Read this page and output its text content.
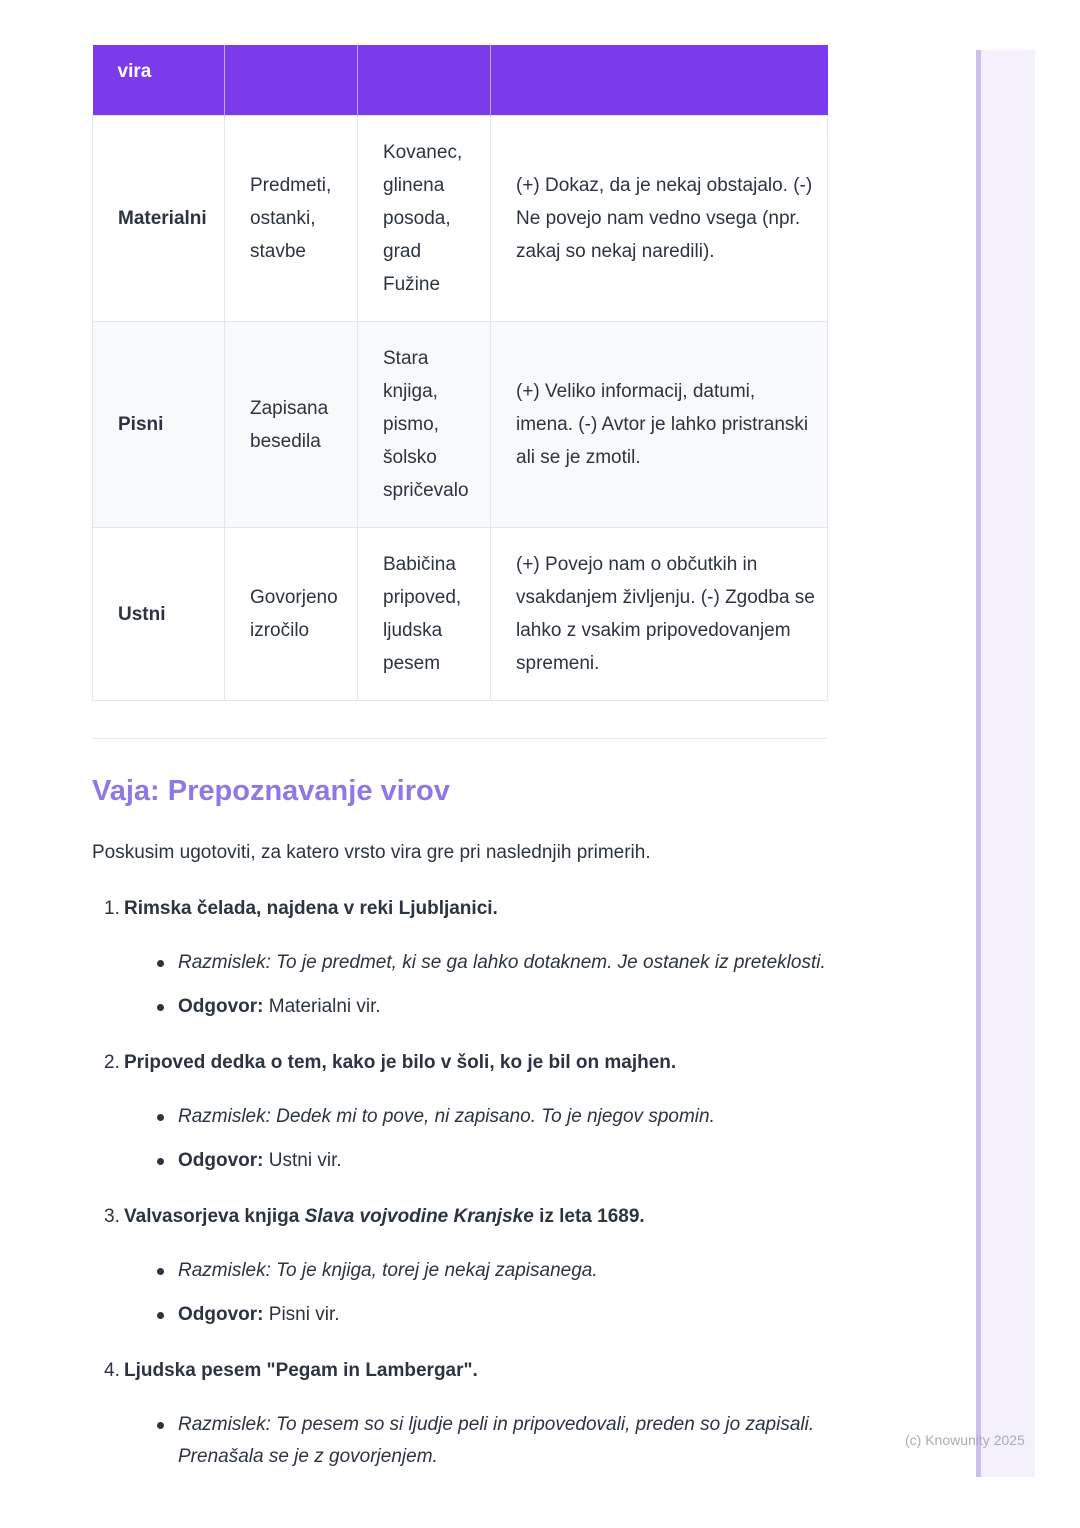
vira			
Materialni	Predmeti, ostanki, stavbe	Kovanec, glinena posoda, grad Fužine	(+) Dokaz, da je nekaj obstajalo. (-) Ne povejo nam vedno vsega (npr. zakaj so nekaj naredili).
Pisni	Zapisana besedila	Stara knjiga, pismo, šolsko spričevalo	(+) Veliko informacij, datumi, imena. (-) Avtor je lahko pristranski ali se je zmotil.
Ustni	Govorjeno izročilo	Babičina pripoved, ljudska pesem	(+) Povejo nam o občutkih in vsakdanjem življenju. (-) Zgodba se lahko z vsakim pripovedovanjem spremeni.
Vaja: Prepoznavanje virov

Poskusim ugotoviti, za katero vrsto vira gre pri naslednjih primerih.

1. Rimska čelada, najdena v reki Ljubljanici.
Razmislek: To je predmet, ki se ga lahko dotaknem. Je ostanek iz preteklosti.
Odgovor: Materialni vir.
2. Pripoved dedka o tem, kako je bilo v šoli, ko je bil on majhen.
Razmislek: Dedek mi to pove, ni zapisano. To je njegov spomin.
Odgovor: Ustni vir.
3. Valvasorjeva knjiga Slava vojvodine Kranjske iz leta 1689.
Razmislek: To je knjiga, torej je nekaj zapisanega.
Odgovor: Pisni vir.
4. Ljudska pesem "Pegam in Lambergar".
Razmislek: To pesem so si ljudje peli in pripovedovali, preden so jo zapisali. Prenašala se je z govorjenjem.
(c) Knowunity 2025
